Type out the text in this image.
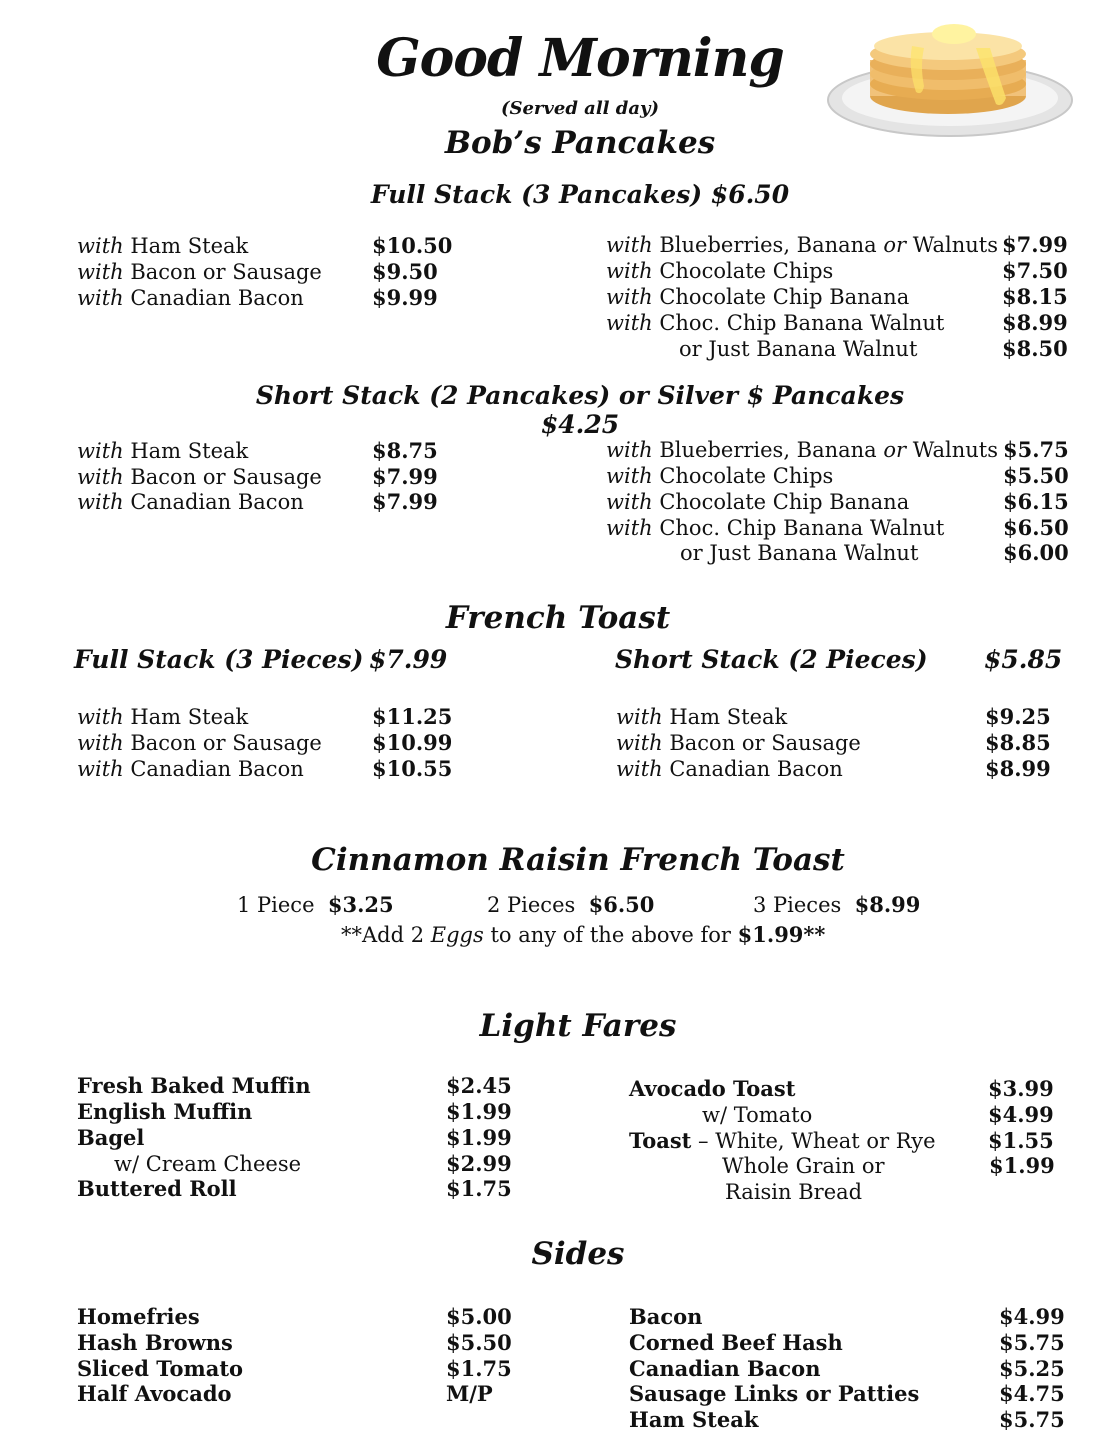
Good Morning
(Served all day)
Bob’s Pancakes
Full Stack (3 Pancakes) $6.50
with Ham Steak	$10.50
with Bacon or Sausage $9.50
with Canadian Bacon	$9.99
with Blueberries, Banana or Walnuts $7.99
with Chocolate Chips	$7.50
with Chocolate Chip Banana	$8.15
with Choc. Chip Banana Walnut	$8.99
or Just Banana Walnut	$8.50
Short Stack (2 Pancakes) or Silver $ Pancakes $4.25
with Ham Steak	$8.75
with Bacon or Sausage $7.99
with Canadian Bacon	$7.99
with Blueberries, Banana or Walnuts $5.75
with Chocolate Chips	$5.50
with Chocolate Chip Banana	$6.15
with Choc. Chip Banana Walnut	$6.50
or Just Banana Walnut	$6.00
French Toast
Full Stack (3 Pieces) $7.99	Short Stack (2 Pieces) $5.85
with Ham Steak	$11.25
with Bacon or Sausage $10.99
with Canadian Bacon	$10.55
with Ham Steak	$9.25
with Bacon or Sausage	$8.85
with Canadian Bacon	$8.99
Cinnamon Raisin French Toast
1 Piece $3.25	2 Pieces $6.50	3 Pieces $8.99
**Add 2 Eggs to any of the above for $1.99**
Light Fares
Fresh Baked Muffin	$2.45
English Muffin	$1.99
Bagel	$1.99
w/ Cream Cheese	$2.99
Buttered Roll	$1.75
Avocado Toast	$3.99
w/ Tomato	$4.99
Toast – White, Wheat or Rye $1.55
Whole Grain or	$1.99
Raisin Bread
Sides
Homefries	$5.00
Hash Browns	$5.50
Sliced Tomato	$1.75
Half Avocado	M/P
Bacon	$4.99
Corned Beef Hash	$5.75
Canadian Bacon	$5.25
Sausage Links or Patties	$4.75
Ham Steak	$5.75
